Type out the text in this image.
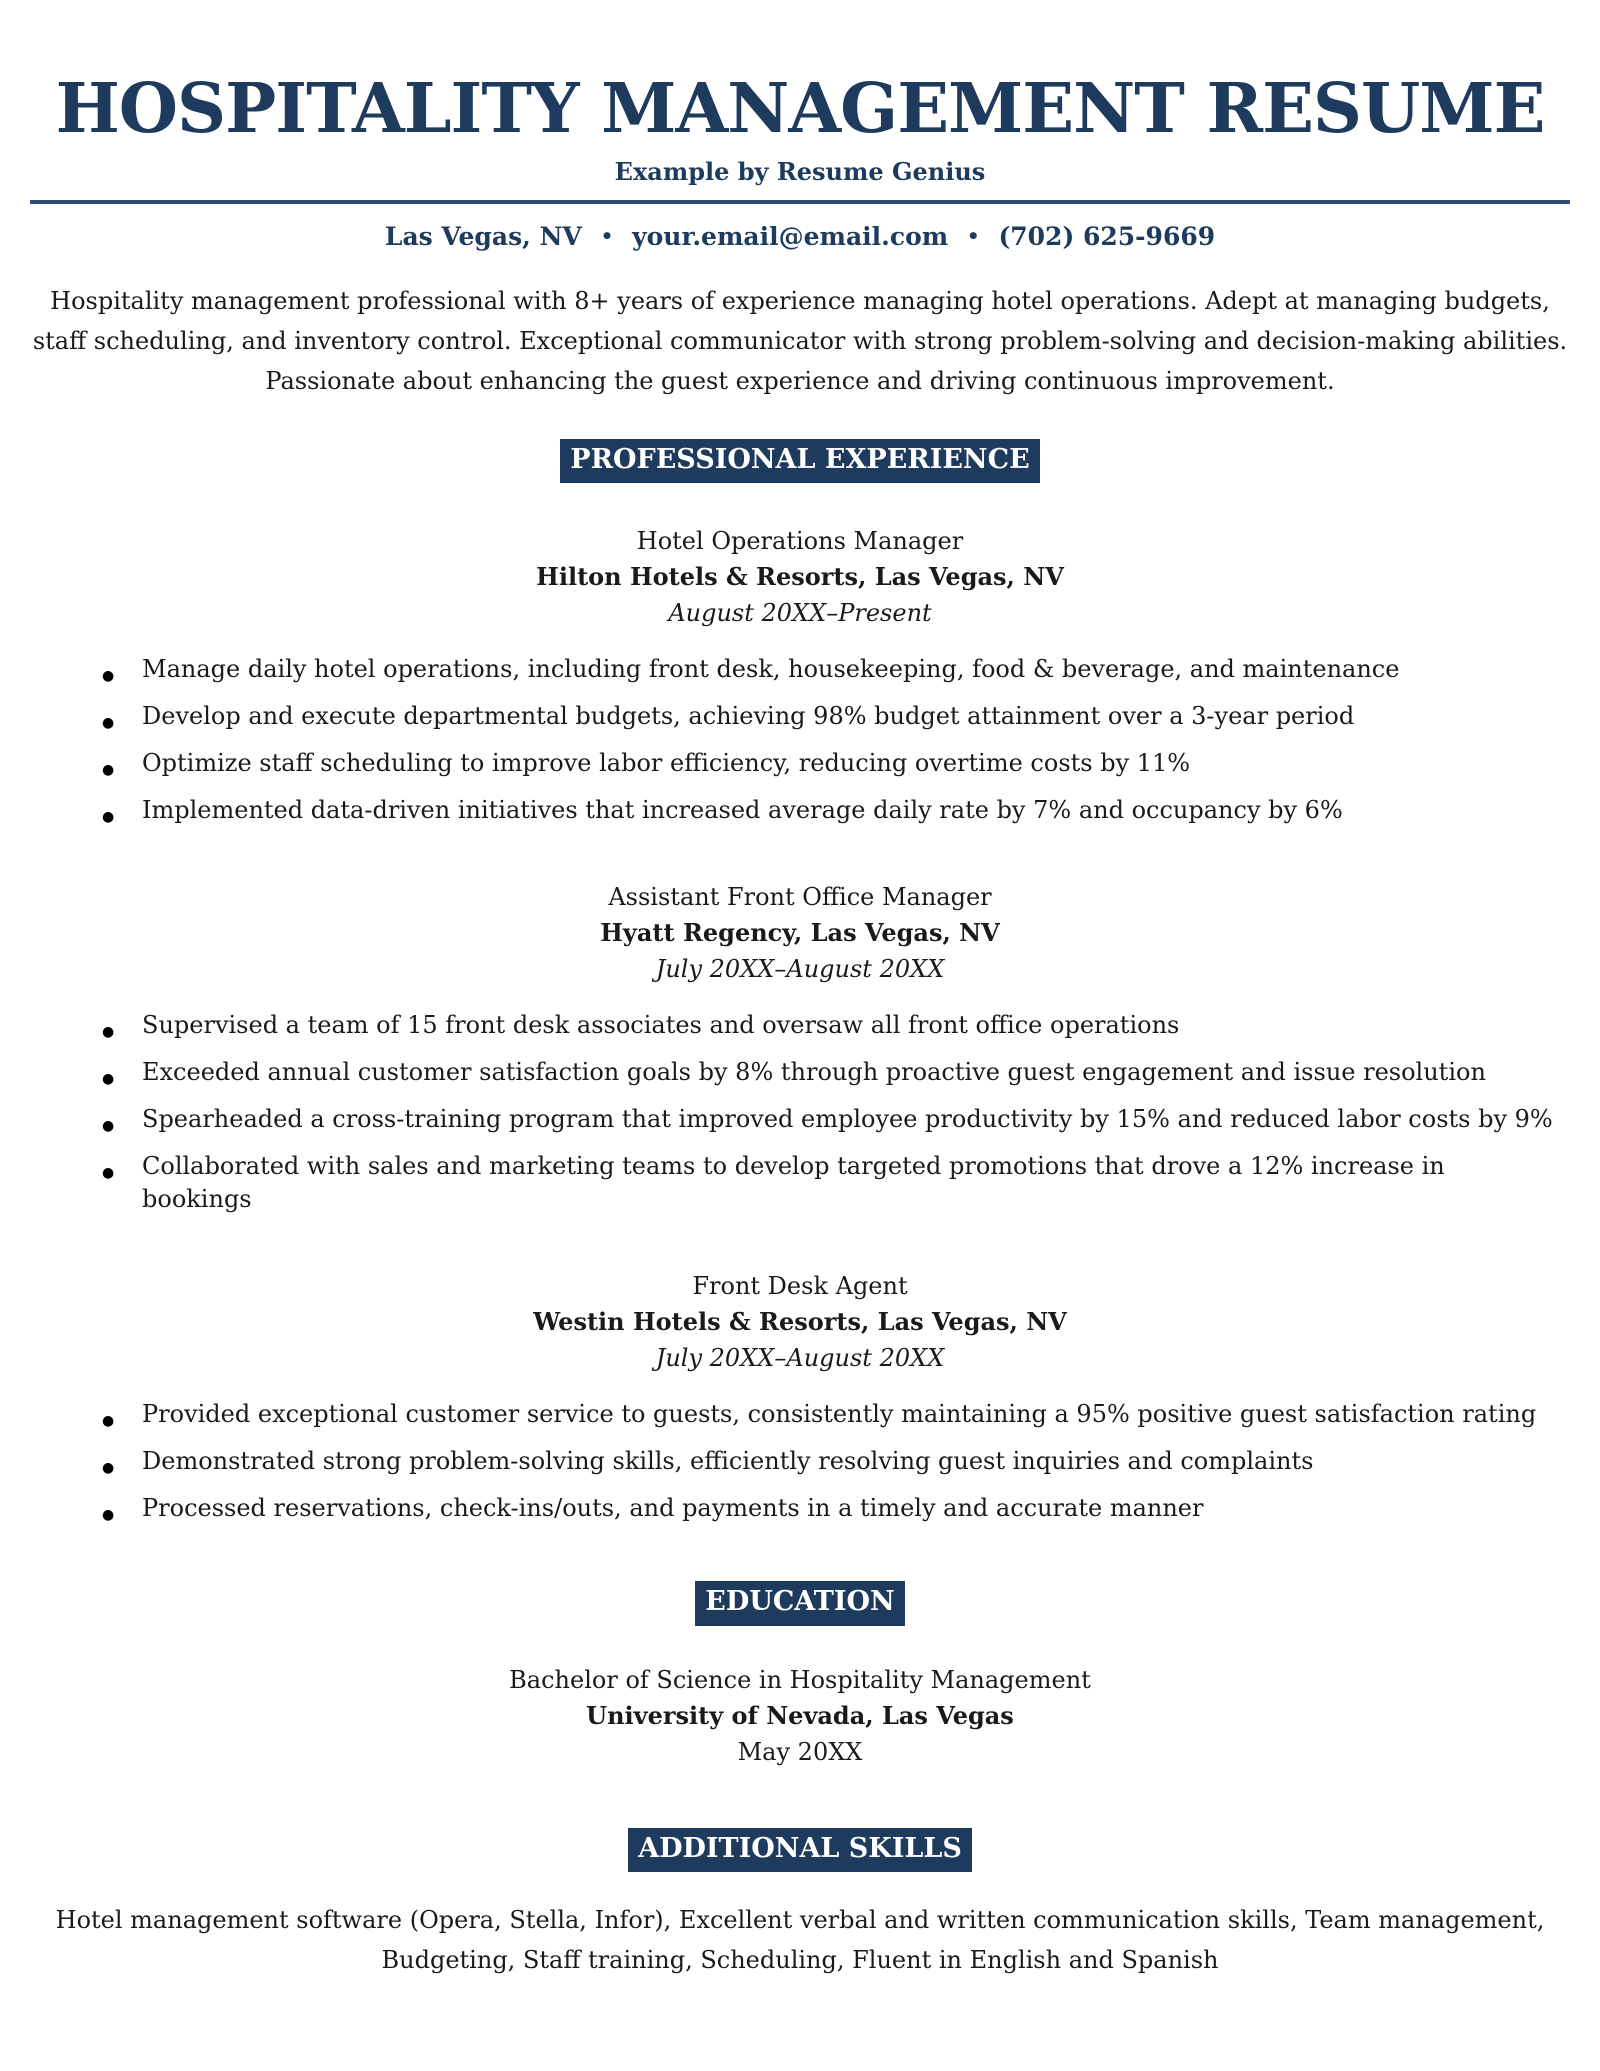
HOSPITALITY MANAGEMENT RESUME
Example by Resume Genius
Las Vegas, NV • your.email@email.com • (702) 625-9669

Hospitality management professional with 8+ years of experience managing hotel operations. Adept at managing budgets, staff scheduling, and inventory control. Exceptional communicator with strong problem-solving and decision-making abilities. Passionate about enhancing the guest experience and driving continuous improvement.

PROFESSIONAL EXPERIENCE
Hotel Operations Manager
Hilton Hotels & Resorts, Las Vegas, NV
August 20XX–Present
● Manage daily hotel operations, including front desk, housekeeping, food & beverage, and maintenance
● Develop and execute departmental budgets, achieving 98% budget attainment over a 3-year period
● Optimize staff scheduling to improve labor efficiency, reducing overtime costs by 11%
● Implemented data-driven initiatives that increased average daily rate by 7% and occupancy by 6%
Assistant Front Office Manager
Hyatt Regency, Las Vegas, NV
July 20XX–August 20XX
● Supervised a team of 15 front desk associates and oversaw all front office operations
● Exceeded annual customer satisfaction goals by 8% through proactive guest engagement and issue resolution
● Spearheaded a cross-training program that improved employee productivity by 15% and reduced labor costs by 9%
● Collaborated with sales and marketing teams to develop targeted promotions that drove a 12% increase in bookings
Front Desk Agent
Westin Hotels & Resorts, Las Vegas, NV
July 20XX–August 20XX
● Provided exceptional customer service to guests, consistently maintaining a 95% positive guest satisfaction rating
● Demonstrated strong problem-solving skills, efficiently resolving guest inquiries and complaints
● Processed reservations, check-ins/outs, and payments in a timely and accurate manner
EDUCATION
Bachelor of Science in Hospitality Management
University of Nevada, Las Vegas
May 20XX
ADDITIONAL SKILLS

Hotel management software (Opera, Stella, Infor), Excellent verbal and written communication skills, Team management, Budgeting, Staff training, Scheduling, Fluent in English and Spanish
